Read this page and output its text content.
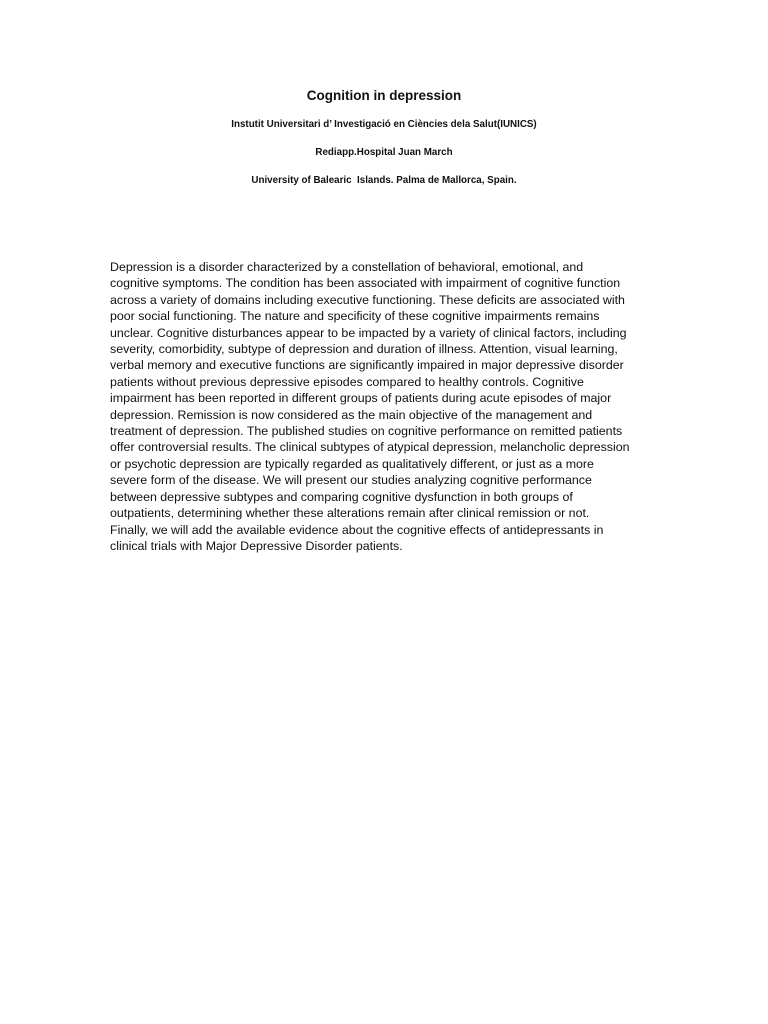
Cognition in depression
Instutit Universitari d’ Investigació en Ciències dela Salut(IUNICS)
Rediapp.Hospital Juan March
University of Balearic  Islands. Palma de Mallorca, Spain.
Depression is a disorder characterized by a constellation of behavioral, emotional, and
cognitive symptoms. The condition has been associated with impairment of cognitive function
across a variety of domains including executive functioning. These deficits are associated with
poor social functioning. The nature and specificity of these cognitive impairments remains
unclear. Cognitive disturbances appear to be impacted by a variety of clinical factors, including
severity, comorbidity, subtype of depression and duration of illness. Attention, visual learning,
verbal memory and executive functions are significantly impaired in major depressive disorder
patients without previous depressive episodes compared to healthy controls. Cognitive
impairment has been reported in different groups of patients during acute episodes of major
depression. Remission is now considered as the main objective of the management and
treatment of depression. The published studies on cognitive performance on remitted patients
offer controversial results. The clinical subtypes of atypical depression, melancholic depression
or psychotic depression are typically regarded as qualitatively different, or just as a more
severe form of the disease. We will present our studies analyzing cognitive performance
between depressive subtypes and comparing cognitive dysfunction in both groups of
outpatients, determining whether these alterations remain after clinical remission or not.
Finally, we will add the available evidence about the cognitive effects of antidepressants in
clinical trials with Major Depressive Disorder patients.
